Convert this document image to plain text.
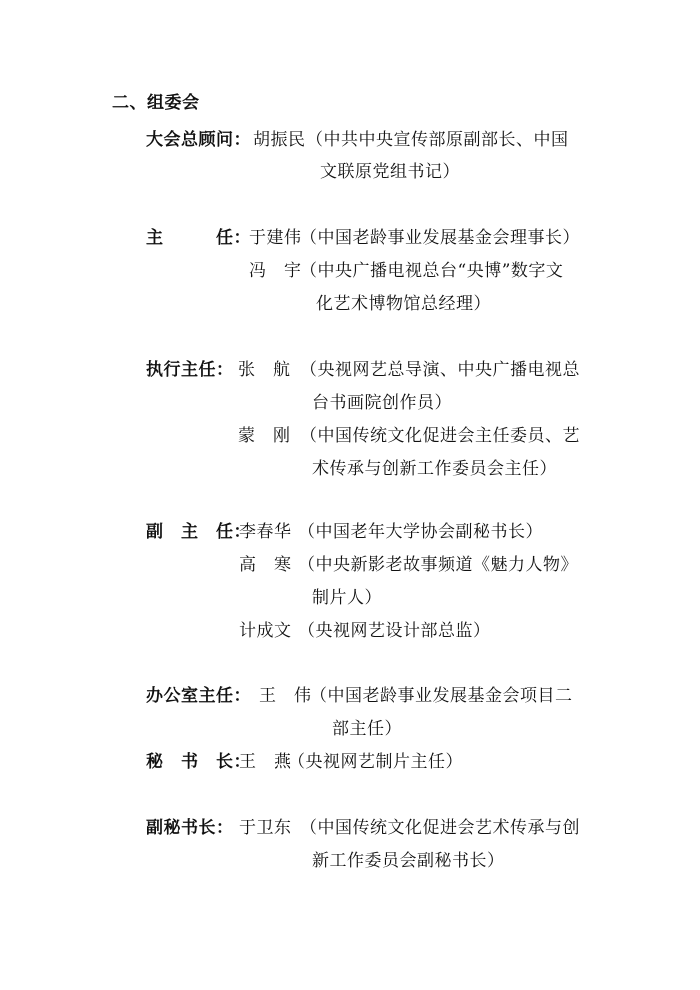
二、组委会
大会总顾问： 胡振民 （中共中央宣传部原副部长、中国
文联原党组书记）
主　　　任：
于建伟
（中国老龄事业发展基金会理事长）
冯　宇
（中央广播电视总台“央博”数字文
化艺术博物馆总经理）
执行主任： 张　航 （央视网艺总导演、中央广播电视总
台书画院创作员）
蒙　刚 （中国传统文化促进会主任委员、艺
术传承与创新工作委员会主任）
副　主　任：
李春华 （中国老年大学协会副秘书长）
高　寒 （中央新影老故事频道《魅力人物》
制片人）
计成文 （央视网艺设计部总监）
办公室主任： 王　伟
（中国老龄事业发展基金会项目二
部主任）
秘　书　长：
王　燕
（央视网艺制片主任）
副秘书长： 于卫东 （中国传统文化促进会艺术传承与创
新工作委员会副秘书长）
